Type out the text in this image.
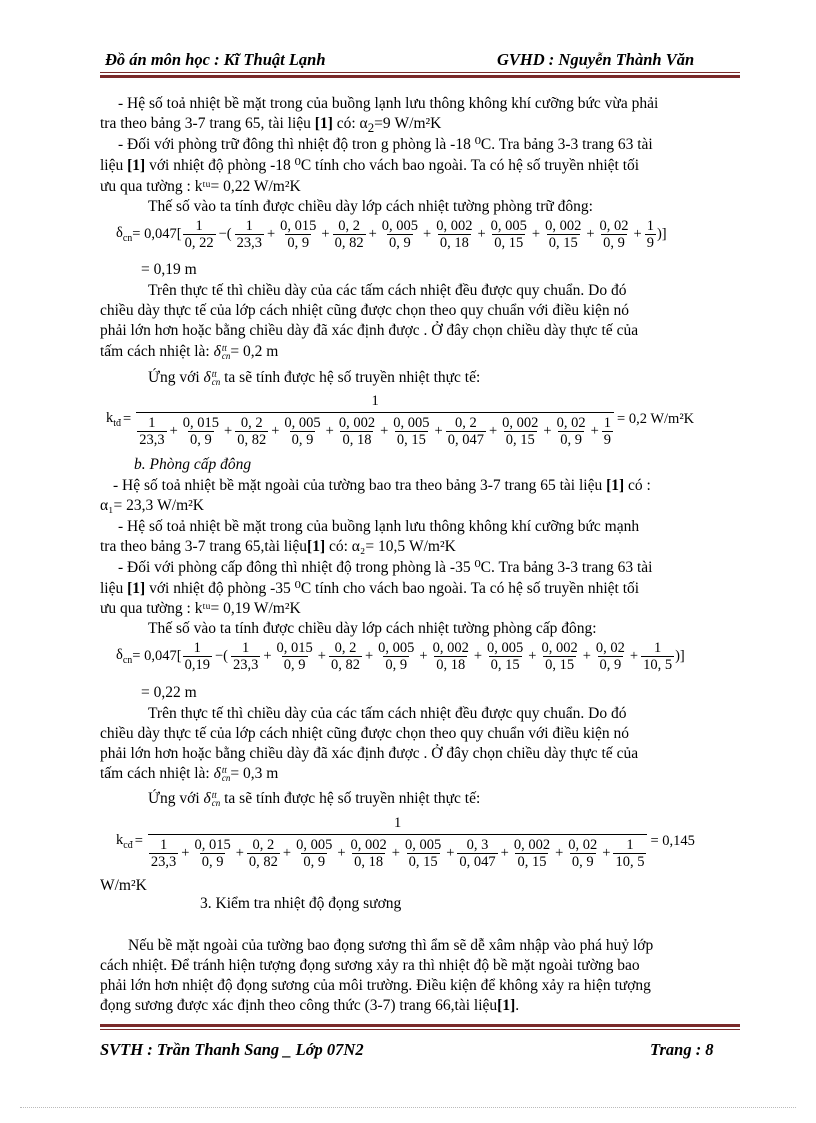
Đồ án môn học : Kĩ Thuật Lạnh	GVHD : Nguyễn Thành Văn
- Hệ số toả nhiệt bề mặt trong của buồng lạnh lưu thông không khí cưỡng bức vừa phải
tra theo bảng 3-7 trang 65, tài liệu [1] có: $\alpha_2=9$ W/m²K
- Đối với phòng trữ đông thì nhiệt độ tron g phòng là -18 ⁰C. Tra bảng 3-3 trang 63 tài
liệu [1] với nhiệt độ phòng -18 ⁰C tính cho vách bao ngoài. Ta có hệ số truyền nhiệt tối
ưu qua tường : kᵗᵘ= 0,22 W/m²K
Thế số vào ta tính được chiều dày lớp cách nhiệt tường phòng trữ đông:
$\delta_{cn} = 0,047[ \frac{1}{0, 22}$ −( $\frac{1}{23,3} + \frac{0, 015}{0, 9} + \frac{0, 2}{0, 82} + \frac{0, 005}{0, 9} + \frac{0, 002}{0, 18} + \frac{0, 005}{0, 15} + \frac{0, 002}{0, 15} + \frac{0, 02}{0, 9} + \frac{1}{9}$ )]
= 0,19 m
Trên thực tế thì chiều dày của các tấm cách nhiệt đều được quy chuẩn. Do đó
chiều dày thực tế của lớp cách nhiệt cũng được chọn theo quy chuẩn với điều kiện nó
phải lớn hơn hoặc bằng chiều dày đã xác định được . Ở đây chọn chiều dày thực tế của
tấm cách nhiệt là: δ tt
cn = 0,2 m
Ứng với δ tt
cn ta sẽ tính được hệ số truyền nhiệt thực tế:
$k_{tđ}$ =
1
$\frac{1}{23,3} + \frac{0, 015}{0, 9} + \frac{0, 2}{0, 82} + \frac{0, 005}{0, 9} + \frac{0, 002}{0, 18} + \frac{0, 005}{0, 15} + \frac{0, 2}{0, 047} + \frac{0, 002}{0, 15} + \frac{0, 02}{0, 9} + \frac{1}{9} = 0,2$ W/m²K
b. Phòng cấp đông
- Hệ số toả nhiệt bề mặt ngoài của tường bao tra theo bảng 3-7 trang 65 tài liệu [1] có :
α₁= 23,3 W/m²K
- Hệ số toả nhiệt bề mặt trong của buồng lạnh lưu thông không khí cưỡng bức mạnh
tra theo bảng 3-7 trang 65,tài liệu[1] có: α₂= 10,5 W/m²K
- Đối với phòng cấp đông thì nhiệt độ trong phòng là -35 ⁰C. Tra bảng 3-3 trang 63 tài
liệu [1] với nhiệt độ phòng -35 ⁰C tính cho vách bao ngoài. Ta có hệ số truyền nhiệt tối
ưu qua tường : kᵗᵘ= 0,19 W/m²K
Thế số vào ta tính được chiều dày lớp cách nhiệt tường phòng cấp đông:
$\delta_{cn} = 0,047[ \frac{1}{0,19}$ −( $\frac{1}{23,3} + \frac{0, 015}{0, 9} + \frac{0, 2}{0, 82} + \frac{0, 005}{0, 9} + \frac{0, 002}{0, 18} + \frac{0, 005}{0, 15} + \frac{0, 002}{0, 15} + \frac{0, 02}{0, 9} + \frac{1}{10, 5}$ )]
= 0,22 m
Trên thực tế thì chiều dày của các tấm cách nhiệt đều được quy chuẩn. Do đó
chiều dày thực tế của lớp cách nhiệt cũng được chọn theo quy chuẩn với điều kiện nó
phải lớn hơn hoặc bằng chiều dày đã xác định được . Ở đây chọn chiều dày thực tế của
tấm cách nhiệt là: δ tt
cn = 0,3 m
Ứng với δ tt
cn ta sẽ tính được hệ số truyền nhiệt thực tế:
$k_{cđ}$ =
1
$\frac{1}{23,3} + \frac{0, 015}{0, 9} + \frac{0, 2}{0, 82} + \frac{0, 005}{0, 9} + \frac{0, 002}{0, 18} + \frac{0, 005}{0, 15} + \frac{0, 3}{0, 047} + \frac{0, 002}{0, 15} + \frac{0, 02}{0, 9} + \frac{1}{10, 5} = 0,145$
W/m²K
3. Kiểm tra nhiệt độ đọng sương
Nếu bề mặt ngoài của tường bao đọng sương thì ẩm sẽ dễ xâm nhập vào phá huỷ lớp
cách nhiệt. Để tránh hiện tượng đọng sương xảy ra thì nhiệt độ bề mặt ngoài tường bao
phải lớn hơn nhiệt độ đọng sương của môi trường. Điều kiện để không xảy ra hiện tượng
đọng sương được xác định theo công thức (3-7) trang 66,tài liệu[1].
SVTH : Trần Thanh Sang _ Lớp 07N2	Trang : 8
